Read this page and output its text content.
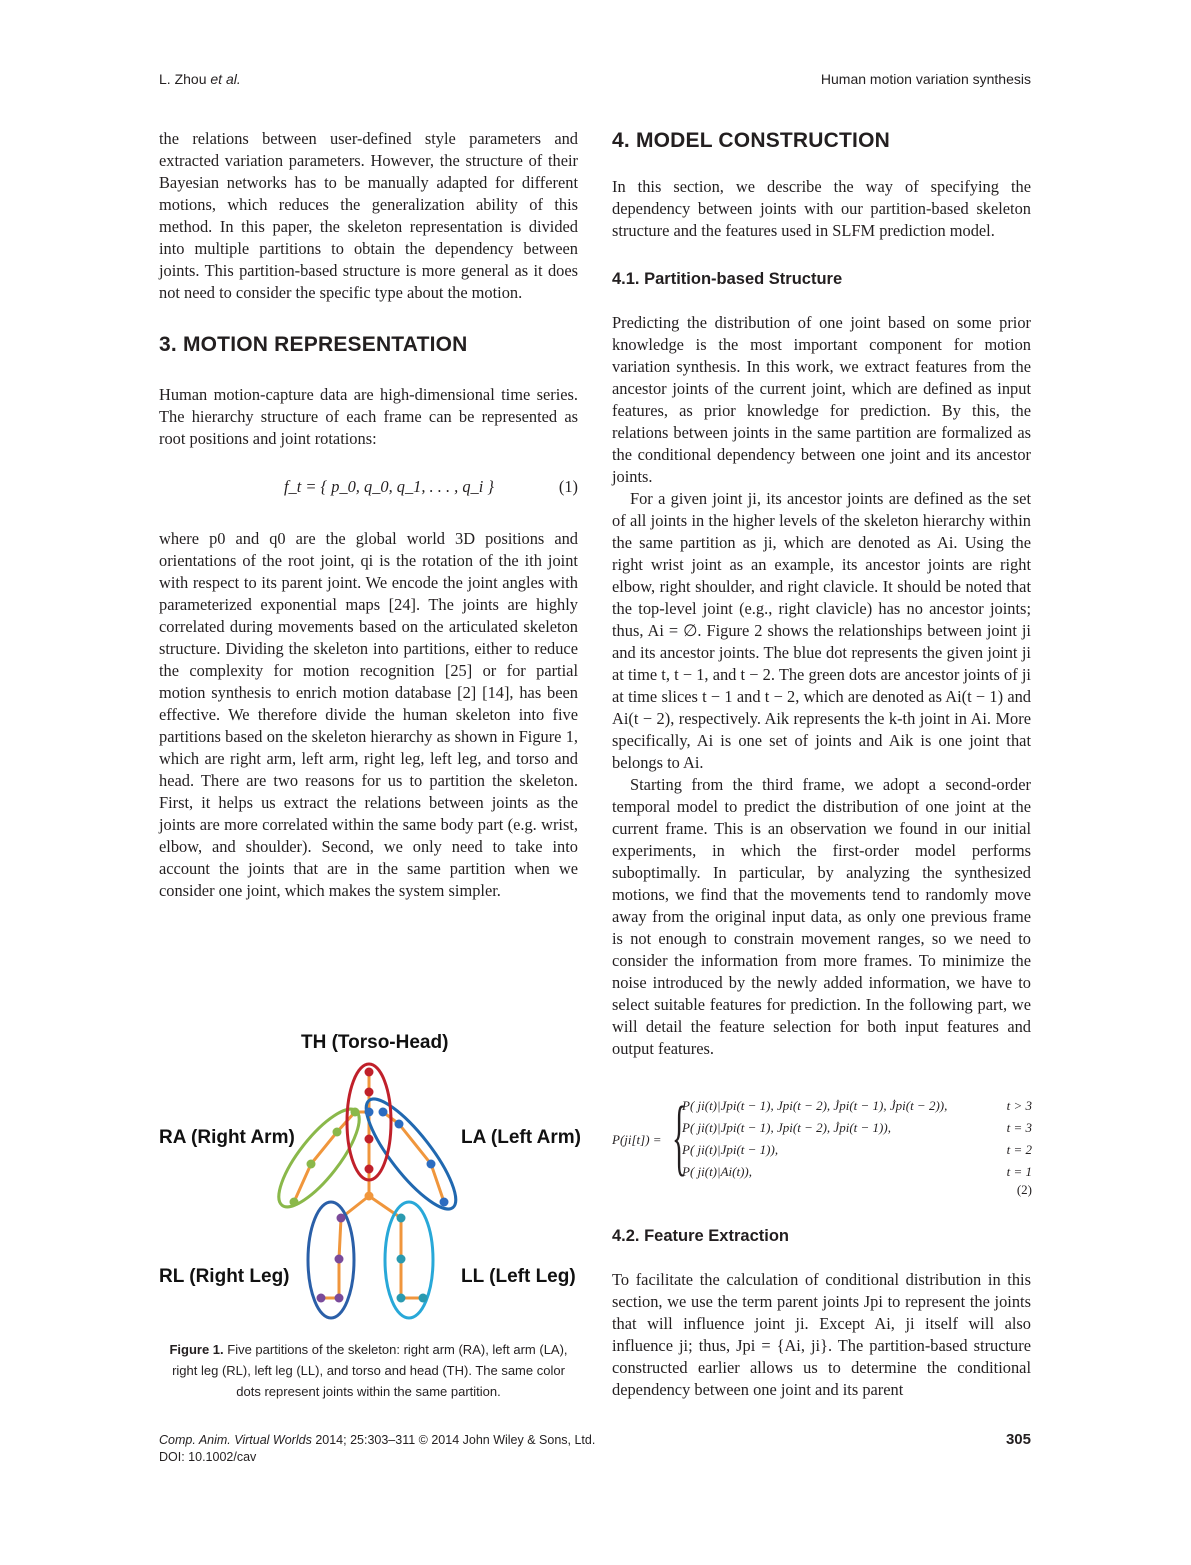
L. Zhou et al.	Human motion variation synthesis

the relations between user-defined style parameters and extracted variation parameters. However, the structure of their Bayesian networks has to be manually adapted for different motions, which reduces the generalization ability of this method. In this paper, the skeleton representation is divided into multiple partitions to obtain the dependency between joints. This partition-based structure is more general as it does not need to consider the specific type about the motion.

3. MOTION REPRESENTATION

Human motion-capture data are high-dimensional time series. The hierarchy structure of each frame can be represented as root positions and joint rotations:

f_t = { p_0, q_0, q_1, . . . , q_i }	(1)

where p0 and q0 are the global world 3D positions and orientations of the root joint, qi is the rotation of the ith joint with respect to its parent joint. We encode the joint angles with parameterized exponential maps [24]. The joints are highly correlated during movements based on the articulated skeleton structure. Dividing the skeleton into partitions, either to reduce the complexity for motion recognition [25] or for partial motion synthesis to enrich motion database [2] [14], has been effective. We therefore divide the human skeleton into five partitions based on the skeleton hierarchy as shown in Figure 1, which are right arm, left arm, right leg, left leg, and torso and head. There are two reasons for us to partition the skeleton. First, it helps us extract the relations between joints as the joints are more correlated within the same body part (e.g. wrist, elbow, and shoulder). Second, we only need to take into account the joints that are in the same partition when we consider one joint, which makes the system simpler.

TH (Torso-Head)
RA (Right Arm)	LA (Left Arm)
RL (Right Leg)	LL (Left Leg)
Figure 1. Five partitions of the skeleton: right arm (RA), left arm (LA), right leg (RL), left leg (LL), and torso and head (TH). The same color dots represent joints within the same partition.
4. MODEL CONSTRUCTION

In this section, we describe the way of specifying the dependency between joints with our partition-based skeleton structure and the features used in SLFM prediction model.

4.1. Partition-based Structure

Predicting the distribution of one joint based on some prior knowledge is the most important component for motion variation synthesis. In this work, we extract features from the ancestor joints of the current joint, which are defined as input features, as prior knowledge for prediction. By this, the relations between joints in the same partition are formalized as the conditional dependency between one joint and its ancestor joints.

For a given joint ji, its ancestor joints are defined as the set of all joints in the higher levels of the skeleton hierarchy within the same partition as ji, which are denoted as Ai. Using the right wrist joint as an example, its ancestor joints are right elbow, right shoulder, and right clavicle. It should be noted that the top-level joint (e.g., right clavicle) has no ancestor joints; thus, Ai = ∅. Figure 2 shows the relationships between joint ji and its ancestor joints. The blue dot represents the given joint ji at time t, t − 1, and t − 2. The green dots are ancestor joints of ji at time slices t − 1 and t − 2, which are denoted as Ai(t − 1) and Ai(t − 2), respectively. Aik represents the k-th joint in Ai. More specifically, Ai is one set of joints and Aik is one joint that belongs to Ai.

Starting from the third frame, we adopt a second-order temporal model to predict the distribution of one joint at the current frame. This is an observation we found in our initial experiments, in which the first-order model performs suboptimally. In particular, by analyzing the synthesized motions, we find that the movements tend to randomly move away from the original input data, as only one previous frame is not enough to constrain movement ranges, so we need to consider the information from more frames. To minimize the noise introduced by the newly added information, we have to select suitable features for prediction. In the following part, we will detail the feature selection for both input features and output features.

P(ji[t]) = {
P( ji(t)|Jpi(t − 1), Jpi(t − 2), J̇pi(t − 1), J̇pi(t − 2)),	t > 3
P( ji(t)|Jpi(t − 1), Jpi(t − 2), J̇pi(t − 1)),	t = 3
P( ji(t)|Jpi(t − 1)),	t = 2
P( ji(t)|Ai(t)),	t = 1
(2)
4.2. Feature Extraction

To facilitate the calculation of conditional distribution in this section, we use the term parent joints Jpi to represent the joints that will influence joint ji. Except Ai, ji itself will also influence ji; thus, Jpi = {Ai, ji}. The partition-based structure constructed earlier allows us to determine the conditional dependency between one joint and its parent

Comp. Anim. Virtual Worlds 2014; 25:303–311 © 2014 John Wiley & Sons, Ltd.
DOI: 10.1002/cav
305
